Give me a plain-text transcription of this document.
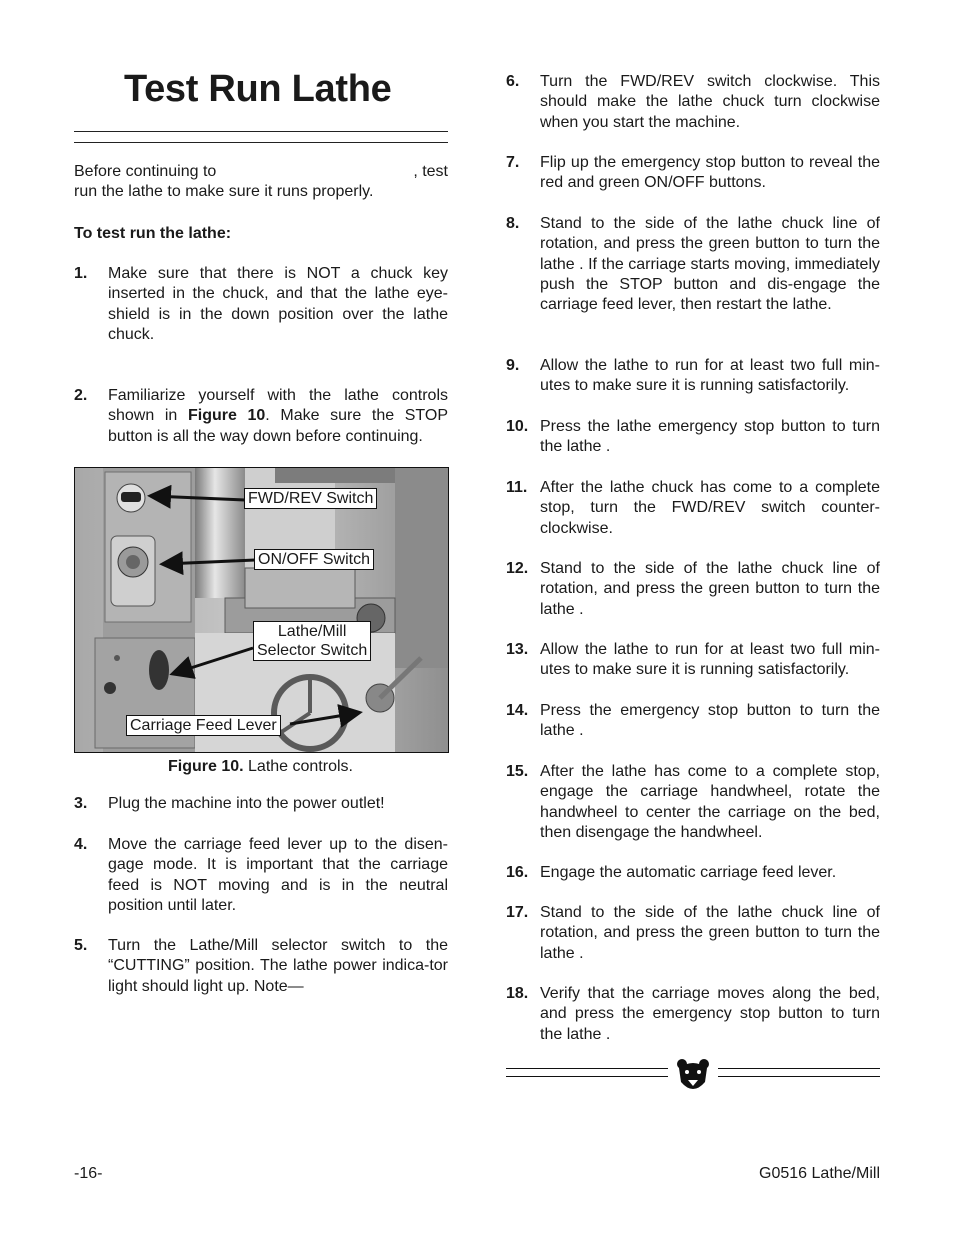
Test Run Lathe
Before continuing to	, test
run the lathe to make sure it runs properly.
To test run the lathe:
1. Make sure that there is NOT a chuck key inserted in the chuck, and that the lathe eye-shield is in the down position over the lathe chuck.
2. Familiarize yourself with the lathe controls shown in Figure 10. Make sure the STOP button is all the way down before continuing.
FWD/REV Switch
ON/OFF Switch
Lathe/Mill
Selector Switch
Carriage Feed Lever
Figure 10. Lathe controls.
3. Plug the machine into the power outlet!
4. Move the carriage feed lever up to the disen-gage mode. It is important that the carriage feed is NOT moving and is in the neutral position until later.
5. Turn the Lathe/Mill selector switch to the “CUTTING” position. The lathe power indica-tor light should light up. Note—
6. Turn the FWD/REV switch clockwise. This should make the lathe chuck turn clockwise when you start the machine.
7. Flip up the emergency stop button to reveal the red and green ON/OFF buttons.
8. Stand to the side of the lathe chuck line of rotation, and press the green button to turn the lathe . If the carriage starts moving, immediately push the STOP button and dis-engage the carriage feed lever, then restart the lathe.
9. Allow the lathe to run for at least two full min-utes to make sure it is running satisfactorily.
10. Press the lathe emergency stop button to turn the lathe .
11. After the lathe chuck has come to a complete stop, turn the FWD/REV switch counter-clockwise.
12. Stand to the side of the lathe chuck line of rotation, and press the green button to turn the lathe .
13. Allow the lathe to run for at least two full min-utes to make sure it is running satisfactorily.
14. Press the emergency stop button to turn the lathe .
15. After the lathe has come to a complete stop, engage the carriage handwheel, rotate the handwheel to center the carriage on the bed, then disengage the handwheel.
16. Engage the automatic carriage feed lever.
17. Stand to the side of the lathe chuck line of rotation, and press the green button to turn the lathe .
18. Verify that the carriage moves along the bed, and press the emergency stop button to turn the lathe .
-16-	G0516 Lathe/Mill
